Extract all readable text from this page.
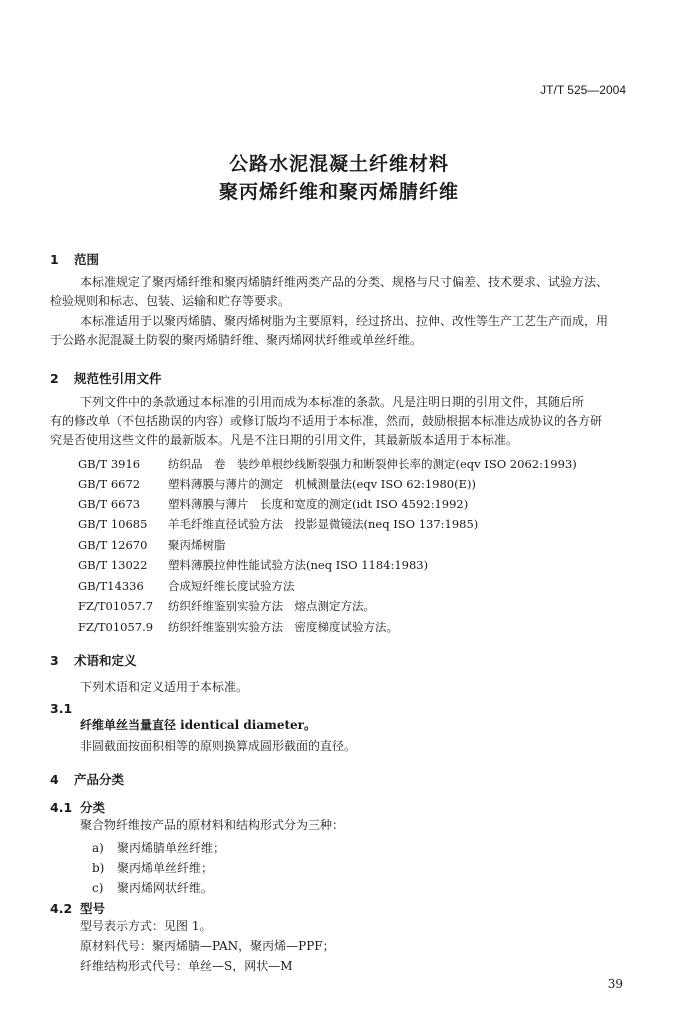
JT/T 525—2004
公路水泥混凝土纤维材料
聚丙烯纤维和聚丙烯腈纤维
1 范围
本标准规定了聚丙烯纤维和聚丙烯腈纤维两类产品的分类、规格与尺寸偏差、技术要求、试验方法、
检验规则和标志、包装、运输和贮存等要求。
本标准适用于以聚丙烯腈、聚丙烯树脂为主要原料，经过挤出、拉伸、改性等生产工艺生产而成，用
于公路水泥混凝土防裂的聚丙烯腈纤维、聚丙烯网状纤维或单丝纤维。
2 规范性引用文件
下列文件中的条款通过本标准的引用而成为本标准的条款。凡是注明日期的引用文件，其随后所
有的修改单（不包括勘误的内容）或修订版均不适用于本标准，然而，鼓励根据本标准达成协议的各方研
究是否使用这些文件的最新版本。凡是不注日期的引用文件，其最新版本适用于本标准。
GB/T 3916 纺织品　卷　装纱单根纱线断裂强力和断裂伸长率的测定(eqv ISO 2062:1993)
GB/T 6672 塑料薄膜与薄片的测定　机械测量法(eqv ISO 62:1980(E))
GB/T 6673 塑料薄膜与薄片　长度和宽度的测定(idt ISO 4592:1992)
GB/T 10685 羊毛纤维直径试验方法　投影显微镜法(neq ISO 137:1985)
GB/T 12670 聚丙烯树脂
GB/T 13022 塑料薄膜拉伸性能试验方法(neq ISO 1184:1983)
GB/T14336 合成短纤维长度试验方法
FZ/T01057.7 纺织纤维鉴别实验方法　熔点测定方法。
FZ/T01057.9 纺织纤维鉴别实验方法　密度梯度试验方法。
3 术语和定义
下列术语和定义适用于本标准。
3.1
纤维单丝当量直径 identical diameter。
非圆截面按面积相等的原则换算成圆形截面的直径。
4 产品分类
4.1 分类
聚合物纤维按产品的原材料和结构形式分为三种：
a) 聚丙烯腈单丝纤维；
b) 聚丙烯单丝纤维；
c) 聚丙烯网状纤维。
4.2 型号
型号表示方式：见图 1。
原材料代号：聚丙烯腈—PAN，聚丙烯—PPF；
纤维结构形式代号：单丝—S，网状—M
39
